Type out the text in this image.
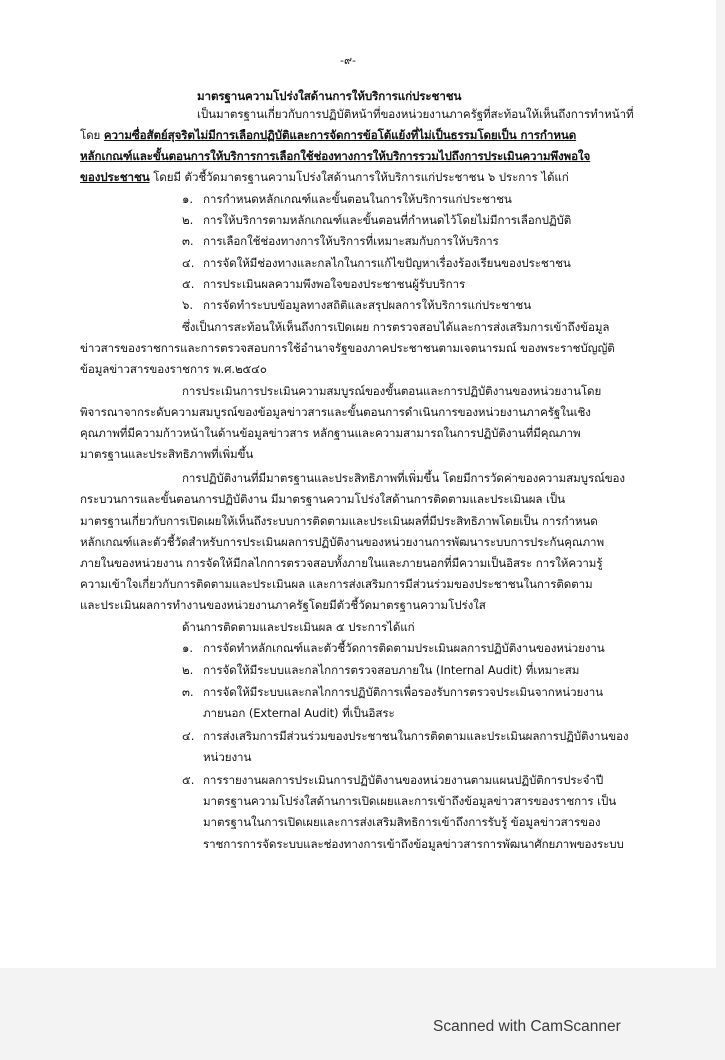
-๙-
มาตรฐานความโปร่งใสด้านการให้บริการแก่ประชาชน
เป็นมาตรฐานเกี่ยวกับการปฏิบัติหน้าที่ของหน่วยงานภาครัฐที่สะท้อนให้เห็นถึงการทำหน้าที่
โดย ความซื่อสัตย์สุจริตไม่มีการเลือกปฏิบัติและการจัดการข้อโต้แย้งที่ไม่เป็นธรรมโดยเป็น การกำหนด
หลักเกณฑ์และขั้นตอนการให้บริการการเลือกใช้ช่องทางการให้บริการรวมไปถึงการประเมินความพึงพอใจ
ของประชาชน โดยมี ตัวชี้วัดมาตรฐานความโปร่งใสด้านการให้บริการแก่ประชาชน ๖ ประการ ได้แก่
๑. การกำหนดหลักเกณฑ์และขั้นตอนในการให้บริการแก่ประชาชน
๒. การให้บริการตามหลักเกณฑ์และขั้นตอนที่กำหนดไว้โดยไม่มีการเลือกปฏิบัติ
๓. การเลือกใช้ช่องทางการให้บริการที่เหมาะสมกับการให้บริการ
๔. การจัดให้มีช่องทางและกลไกในการแก้ไขปัญหาเรื่องร้องเรียนของประชาชน
๕. การประเมินผลความพึงพอใจของประชาชนผู้รับบริการ
๖. การจัดทำระบบข้อมูลทางสถิติและสรุปผลการให้บริการแก่ประชาชน
ซึ่งเป็นการสะท้อนให้เห็นถึงการเปิดเผย การตรวจสอบได้และการส่งเสริมการเข้าถึงข้อมูล
ข่าวสารของราชการและการตรวจสอบการใช้อำนาจรัฐของภาคประชาชนตามเจตนารมณ์ ของพระราชบัญญัติ
ข้อมูลข่าวสารของราชการ พ.ศ.๒๕๔๐
การประเมินการประเมินความสมบูรณ์ของขั้นตอนและการปฏิบัติงานของหน่วยงานโดย
พิจารณาจากระดับความสมบูรณ์ของข้อมูลข่าวสารและขั้นตอนการดำเนินการของหน่วยงานภาครัฐในเชิง
คุณภาพที่มีความก้าวหน้าในด้านข้อมูลข่าวสาร หลักฐานและความสามารถในการปฏิบัติงานที่มีคุณภาพ
มาตรฐานและประสิทธิภาพที่เพิ่มขึ้น
การปฏิบัติงานที่มีมาตรฐานและประสิทธิภาพที่เพิ่มขึ้น โดยมีการวัดค่าของความสมบูรณ์ของ
กระบวนการและขั้นตอนการปฏิบัติงาน มีมาตรฐานความโปร่งใสด้านการติดตามและประเมินผล เป็น
มาตรฐานเกี่ยวกับการเปิดเผยให้เห็นถึงระบบการติดตามและประเมินผลที่มีประสิทธิภาพโดยเป็น การกำหนด
หลักเกณฑ์และตัวชี้วัดสำหรับการประเมินผลการปฏิบัติงานของหน่วยงานการพัฒนาระบบการประกันคุณภาพ
ภายในของหน่วยงาน การจัดให้มีกลไกการตรวจสอบทั้งภายในและภายนอกที่มีความเป็นอิสระ การให้ความรู้
ความเข้าใจเกี่ยวกับการติดตามและประเมินผล และการส่งเสริมการมีส่วนร่วมของประชาชนในการติดตาม
และประเมินผลการทำงานของหน่วยงานภาครัฐโดยมีตัวชี้วัดมาตรฐานความโปร่งใส
ด้านการติดตามและประเมินผล ๕ ประการได้แก่
๑. การจัดทำหลักเกณฑ์และตัวชี้วัดการติดตามประเมินผลการปฏิบัติงานของหน่วยงาน
๒. การจัดให้มีระบบและกลไกการตรวจสอบภายใน (Internal Audit) ที่เหมาะสม
๓. การจัดให้มีระบบและกลไกการปฏิบัติการเพื่อรองรับการตรวจประเมินจากหน่วยงาน
ภายนอก (External Audit) ที่เป็นอิสระ
๔. การส่งเสริมการมีส่วนร่วมของประชาชนในการติดตามและประเมินผลการปฏิบัติงานของ
หน่วยงาน
๕. การรายงานผลการประเมินการปฏิบัติงานของหน่วยงานตามแผนปฏิบัติการประจำปี
มาตรฐานความโปร่งใสด้านการเปิดเผยและการเข้าถึงข้อมูลข่าวสารของราชการ เป็น
มาตรฐานในการเปิดเผยและการส่งเสริมสิทธิการเข้าถึงการรับรู้ ข้อมูลข่าวสารของ
ราชการการจัดระบบและช่องทางการเข้าถึงข้อมูลข่าวสารการพัฒนาศักยภาพของระบบ
Scanned with CamScanner
